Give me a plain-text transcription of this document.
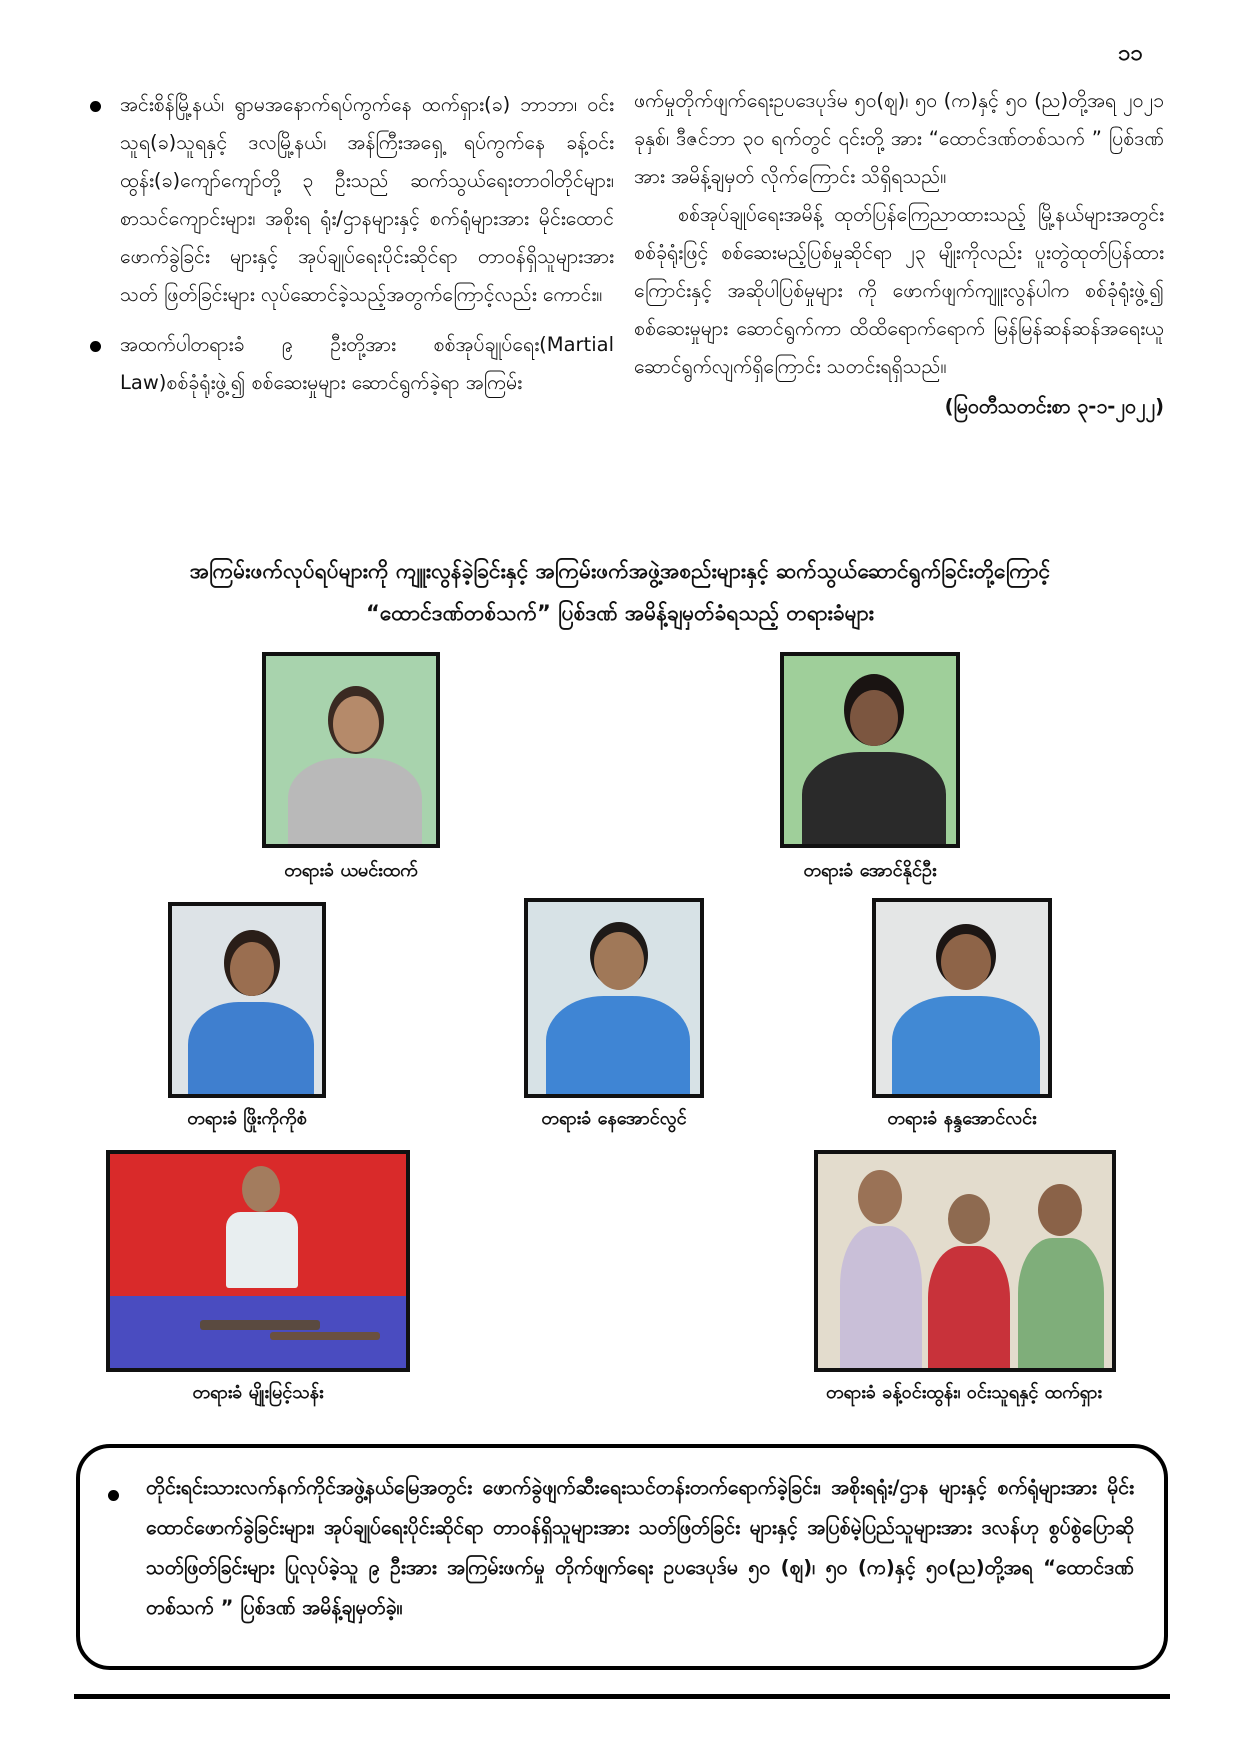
၁၁

အင်းစိန်မြို့နယ်၊ ရွာမအနောက်ရပ်ကွက်နေ ထက်ရှား(ခ) ဘာဘာ၊ ဝင်းသူရ(ခ)သူရနှင့် ဒလမြို့နယ်၊ အန်ကြီးအရှေ့ ရပ်ကွက်နေ ခန့်ဝင်းထွန်း(ခ)ကျော်ကျော်တို့ ၃ ဦးသည် ဆက်သွယ်ရေးတာဝါတိုင်များ၊ စာသင်ကျောင်းများ၊ အစိုးရ ရုံး/ဌာနများနှင့် စက်ရုံများအား မိုင်းထောင်ဖောက်ခွဲခြင်း များနှင့် အုပ်ချုပ်ရေးပိုင်းဆိုင်ရာ တာဝန်ရှိသူများအား သတ် ဖြတ်ခြင်းများ လုပ်ဆောင်ခဲ့သည့်အတွက်ကြောင့်လည်း ကောင်း။

အထက်ပါတရားခံ ၉ ဦးတို့အား စစ်အုပ်ချုပ်ရေး(Martial Law)စစ်ခုံရုံးဖွဲ့၍ စစ်ဆေးမှုများ ဆောင်ရွက်ခဲ့ရာ အကြမ်း

ဖက်မှုတိုက်ဖျက်ရေးဥပဒေပုဒ်မ ၅၀(ဈ)၊ ၅၀ (က)နှင့် ၅၀ (ည)တို့အရ ၂၀၂၁ ခုနှစ်၊ ဒီဇင်ဘာ ၃၀ ရက်တွင် ၎င်းတို့ အား “ထောင်ဒဏ်တစ်သက် ” ပြစ်ဒဏ်အား အမိန့်ချမှတ် လိုက်ကြောင်း သိရှိရသည်။

စစ်အုပ်ချုပ်ရေးအမိန့် ထုတ်ပြန်ကြေညာထားသည့် မြို့နယ်များအတွင်း စစ်ခုံရုံးဖြင့် စစ်ဆေးမည့်ပြစ်မှုဆိုင်ရာ ၂၃ မျိုးကိုလည်း ပူးတွဲထုတ်ပြန်ထားကြောင်းနှင့် အဆိုပါပြစ်မှုများ ကို ဖောက်ဖျက်ကျူးလွန်ပါက စစ်ခုံရုံးဖွဲ့၍ စစ်ဆေးမှုများ ဆောင်ရွက်ကာ ထိထိရောက်ရောက် မြန်မြန်ဆန်ဆန်အရေးယူ ဆောင်ရွက်လျက်ရှိကြောင်း သတင်းရရှိသည်။

(မြဝတီသတင်းစာ ၃-၁-၂၀၂၂)

အကြမ်းဖက်လုပ်ရပ်များကို ကျူးလွန်ခဲ့ခြင်းနှင့် အကြမ်းဖက်အဖွဲ့အစည်းများနှင့် ဆက်သွယ်ဆောင်ရွက်ခြင်းတို့ကြောင့်
“ထောင်ဒဏ်တစ်သက်” ပြစ်ဒဏ် အမိန့်ချမှတ်ခံရသည့် တရားခံများ
တရားခံ ယမင်းထက်	တရားခံ အောင်နိုင်ဦး
တရားခံ ဖြိုးကိုကိုစံ	တရားခံ နေအောင်လွင်	တရားခံ နန္ဒအောင်လင်း
တရားခံ မျိုးမြင့်သန်း	တရားခံ ခန့်ဝင်းထွန်း၊ ဝင်းသူရနှင့် ထက်ရှား
တိုင်းရင်းသားလက်နက်ကိုင်အဖွဲ့နယ်မြေအတွင်း ဖောက်ခွဲဖျက်ဆီးရေးသင်တန်းတက်ရောက်ခဲ့ခြင်း၊ အစိုးရရုံး/ဌာန များနှင့် စက်ရုံများအား မိုင်းထောင်ဖောက်ခွဲခြင်းများ၊ အုပ်ချုပ်ရေးပိုင်းဆိုင်ရာ တာဝန်ရှိသူများအား သတ်ဖြတ်ခြင်း များနှင့် အပြစ်မဲ့ပြည်သူများအား ဒလန်ဟု စွပ်စွဲပြောဆိုသတ်ဖြတ်ခြင်းများ ပြုလုပ်ခဲ့သူ ၉ ဦးအား အကြမ်းဖက်မှု တိုက်ဖျက်ရေး ဥပဒေပုဒ်မ ၅၀ (ဈ)၊ ၅၀ (က)နှင့် ၅၀(ည)တို့အရ “ထောင်ဒဏ်တစ်သက် ” ပြစ်ဒဏ် အမိန့်ချမှတ်ခဲ့။
